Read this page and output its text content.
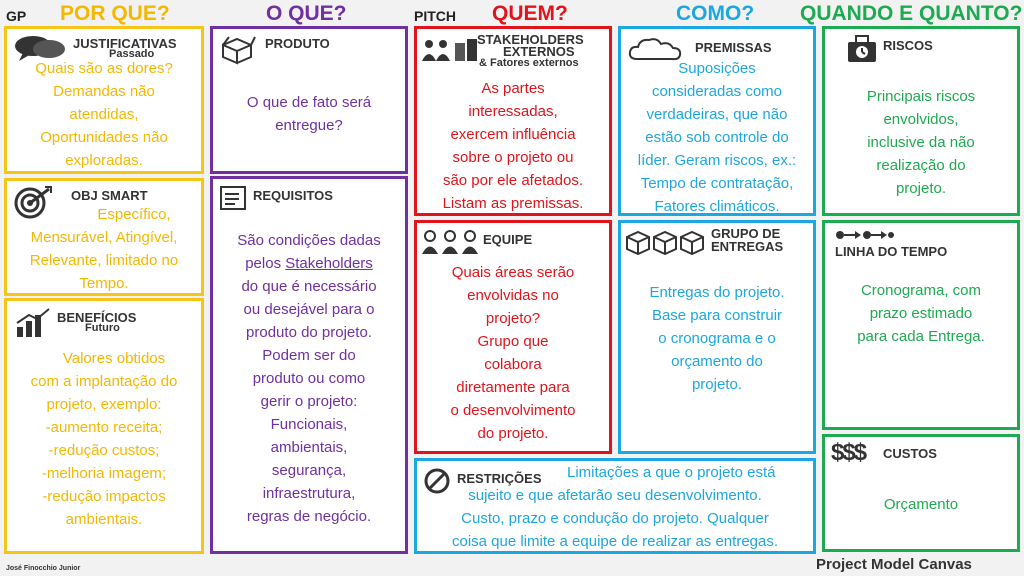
GP POR QUE?	O QUE?	PITCH QUEM?	COMO? QUANDO E QUANTO?
JUSTIFICATIVAS
Passado
Quais são as dores?
Demandas não
atendidas,
Oportunidades não
exploradas.
OBJ SMART
Específico,
Mensurável, Atingível,
Relevante, limitado no
Tempo.
BENEFÍCIOS
Futuro
Valores obtidos
com a implantação do
projeto, exemplo:
-aumento receita;
-redução custos;
-melhoria imagem;
-redução impactos
ambientais.
PRODUTO
O que de fato será
entregue?
REQUISITOS
São condições dadas
pelos Stakeholders
do que é necessário
ou desejável para o
produto do projeto.
Podem ser do
produto ou como
gerir o projeto:
Funcionais,
ambientais,
segurança,
infraestrutura,
regras de negócio.
STAKEHOLDERS
EXTERNOS
& Fatores externos
As partes
interessadas,
exercem influência
sobre o projeto ou
são por ele afetados.
Listam as premissas.
EQUIPE
Quais áreas serão
envolvidas no
projeto?
Grupo que
colabora
diretamente para
o desenvolvimento
do projeto.
PREMISSAS
Suposições
consideradas como
verdadeiras, que não
estão sob controle do
líder. Geram riscos, ex.:
Tempo de contratação,
Fatores climáticos.
GRUPO DE
ENTREGAS
Entregas do projeto.
Base para construir
o cronograma e o
orçamento do
projeto.
RESTRIÇÕES Limitações a que o projeto está
sujeito e que afetarão seu desenvolvimento.
Custo, prazo e condução do projeto. Qualquer
coisa que limite a equipe de realizar as entregas.
RISCOS
Principais riscos
envolvidos,
inclusive da não
realização do
projeto.
LINHA DO TEMPO
Cronograma, com
prazo estimado
para cada Entrega.
$$$ CUSTOS
Orçamento
José Finocchio Junior	Project Model Canvas
